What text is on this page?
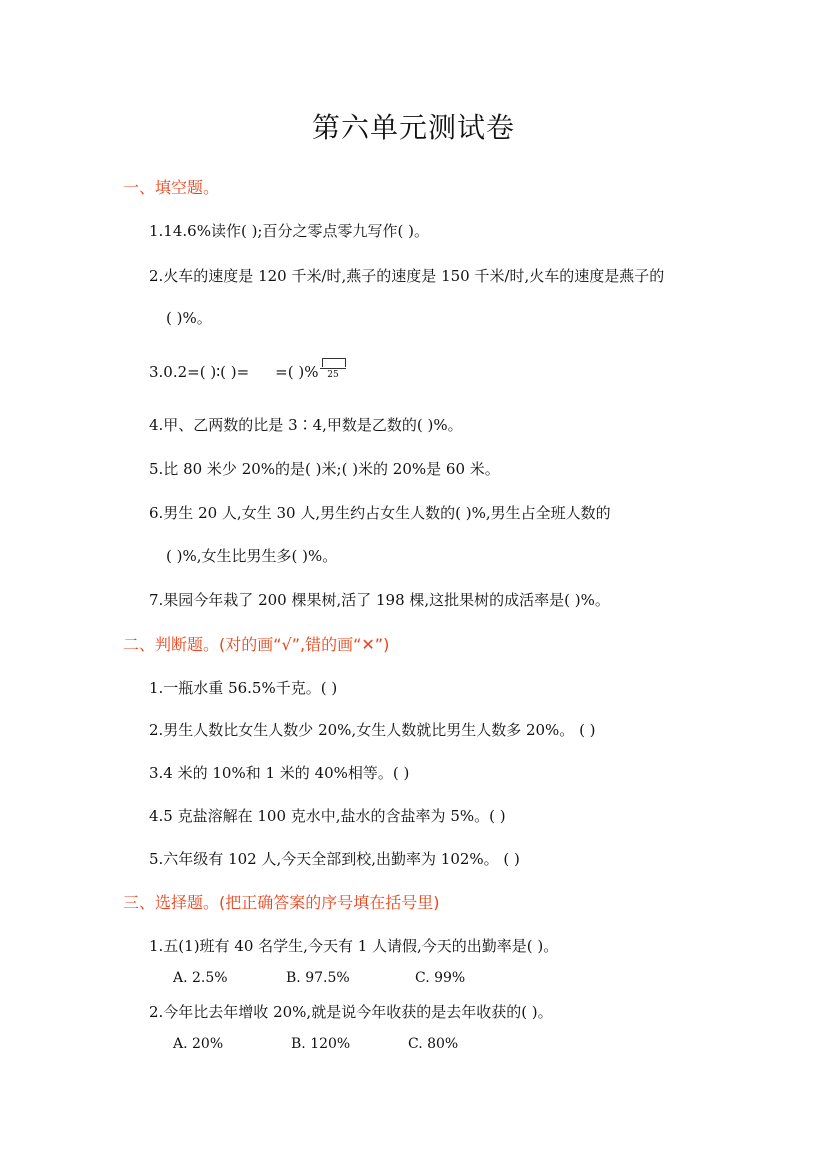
第六单元测试卷
一、填空题。
1.14.6%读作( );百分之零点零九写作( )。
2.火车的速度是 120 千米/时,燕子的速度是 150 千米/时,火车的速度是燕子的
( )%。
3.0.2=( )∶( )= =( )% 25
4.甲、乙两数的比是 3∶4,甲数是乙数的( )%。
5.比 80 米少 20%的是( )米;( )米的 20%是 60 米。
6.男生 20 人,女生 30 人,男生约占女生人数的( )%,男生占全班人数的
( )%,女生比男生多( )%。
7.果园今年栽了 200 棵果树,活了 198 棵,这批果树的成活率是( )%。
二、判断题。(对的画“√”,错的画“✕”)
1.一瓶水重 56.5%千克。( )
2.男生人数比女生人数少 20%,女生人数就比男生人数多 20%。 ( )
3.4 米的 10%和 1 米的 40%相等。( )
4.5 克盐溶解在 100 克水中,盐水的含盐率为 5%。( )
5.六年级有 102 人,今天全部到校,出勤率为 102%。 ( )
三、选择题。(把正确答案的序号填在括号里)
1.五(1)班有 40 名学生,今天有 1 人请假,今天的出勤率是( )。
A. 2.5%	B. 97.5%	C. 99%
2.今年比去年增收 20%,就是说今年收获的是去年收获的( )。
A. 20%	B. 120%	C. 80%
